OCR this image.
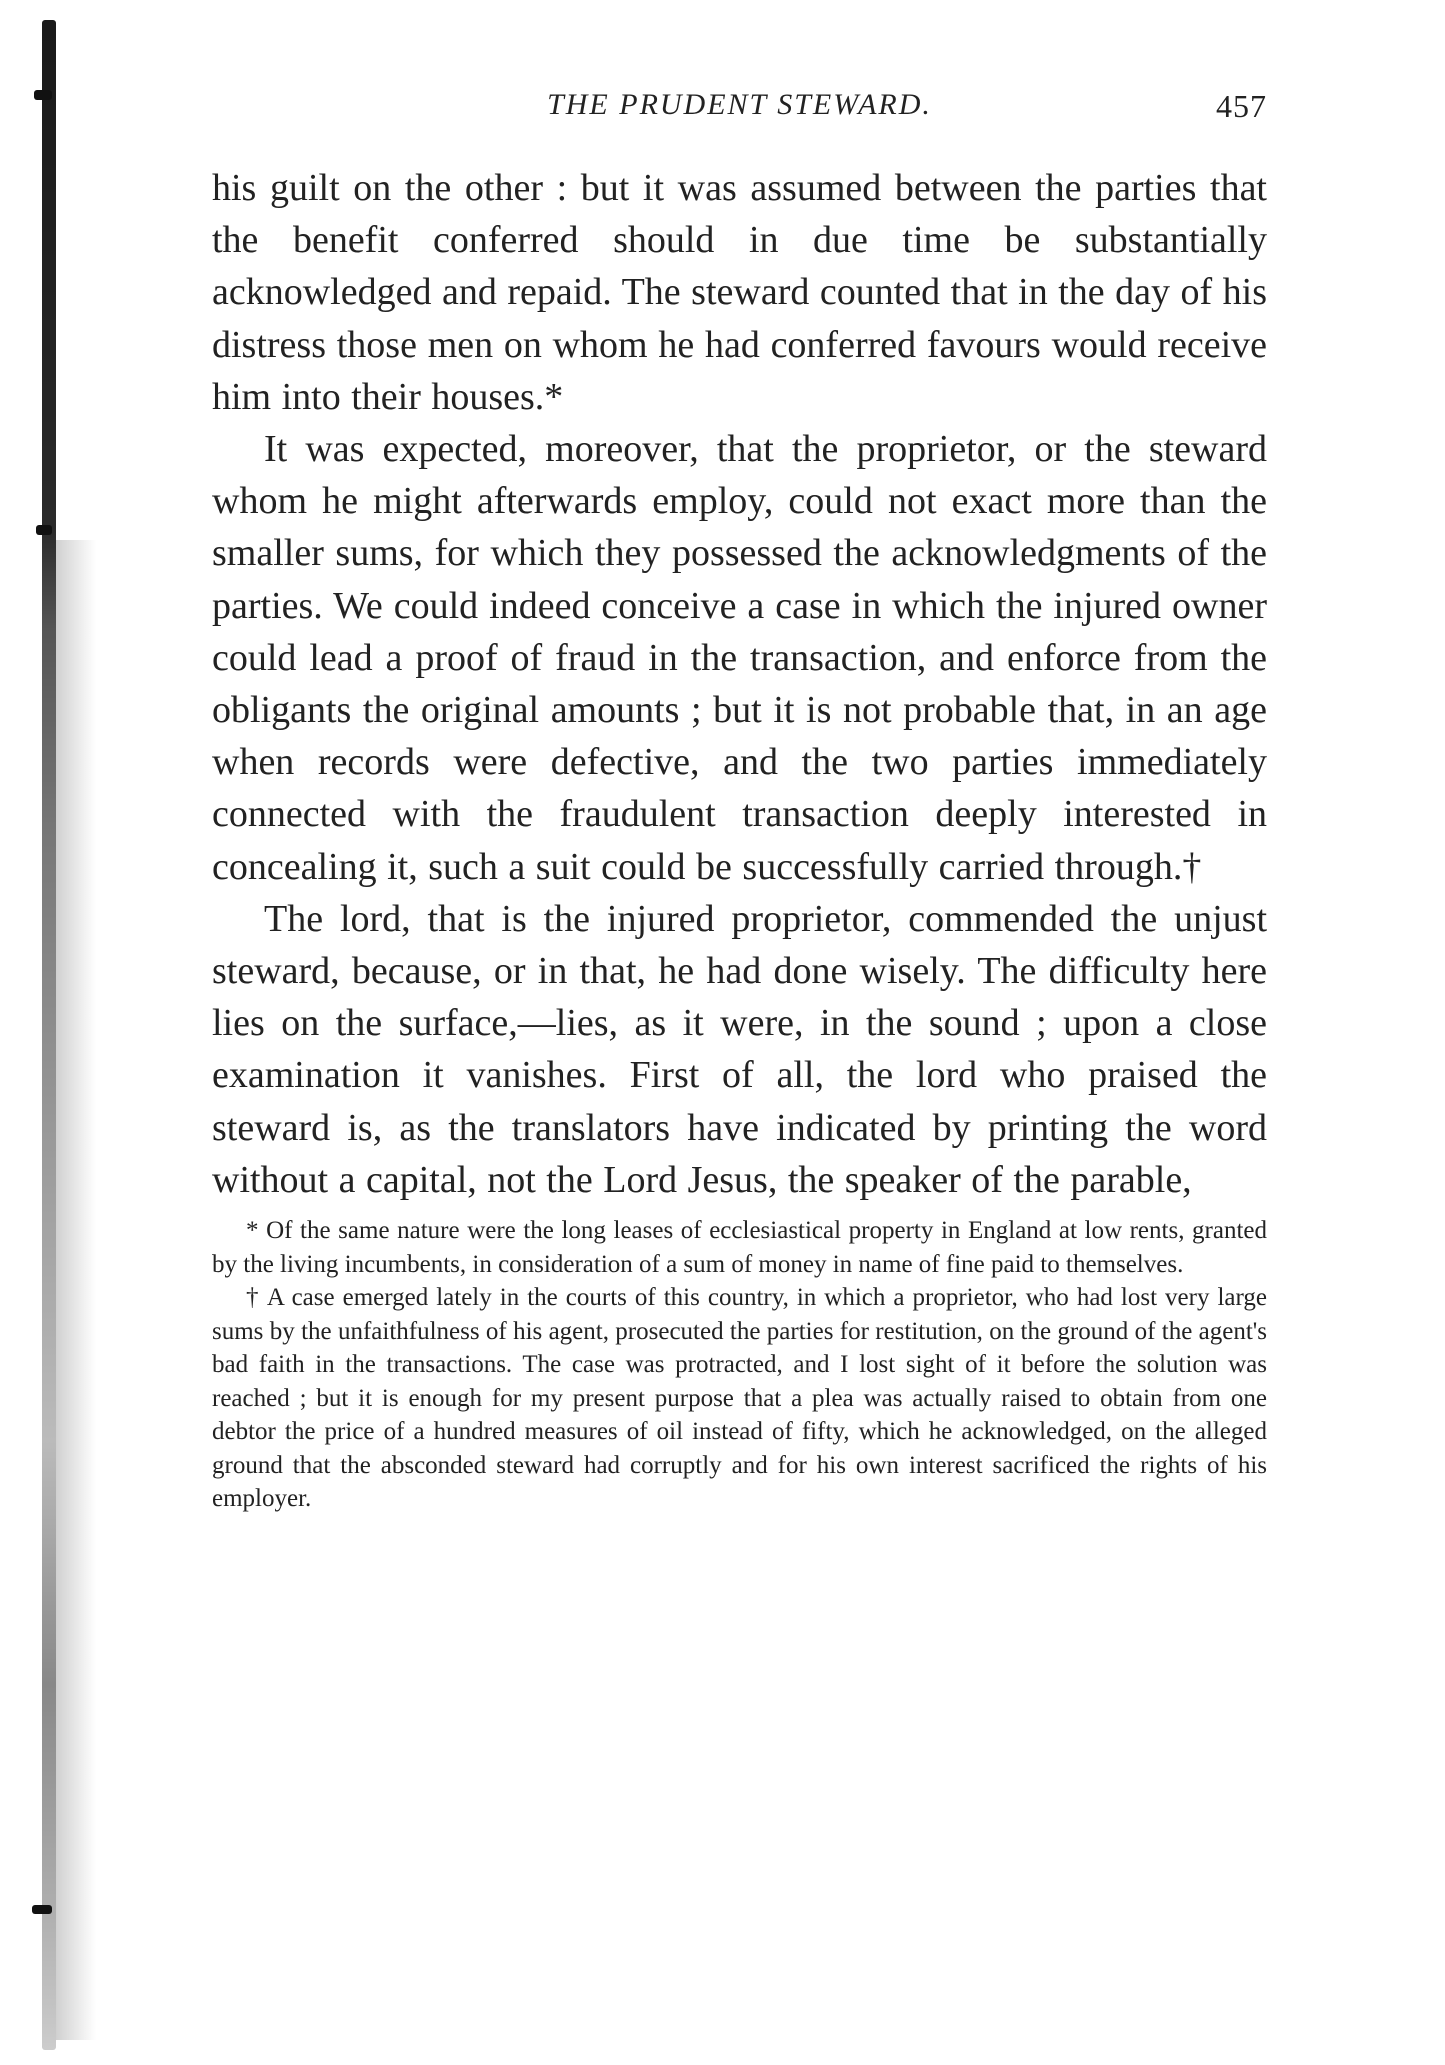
THE PRUDENT STEWARD.	457

his guilt on the other : but it was assumed between the parties that the benefit conferred should in due time be substantially acknowledged and repaid. The steward counted that in the day of his distress those men on whom he had conferred favours would receive him into their houses.*

It was expected, moreover, that the proprietor, or the steward whom he might afterwards employ, could not exact more than the smaller sums, for which they possessed the acknowledgments of the parties. We could indeed conceive a case in which the injured owner could lead a proof of fraud in the transaction, and enforce from the obligants the original amounts ; but it is not probable that, in an age when records were defective, and the two parties immediately connected with the fraudulent transaction deeply interested in concealing it, such a suit could be successfully carried through.†

The lord, that is the injured proprietor, commended the unjust steward, because, or in that, he had done wisely. The difficulty here lies on the surface,—lies, as it were, in the sound ; upon a close examination it vanishes. First of all, the lord who praised the steward is, as the translators have indicated by printing the word without a capital, not the Lord Jesus, the speaker of the parable,

* Of the same nature were the long leases of ecclesiastical property in England at low rents, granted by the living incumbents, in consideration of a sum of money in name of fine paid to themselves.

† A case emerged lately in the courts of this country, in which a proprietor, who had lost very large sums by the unfaithfulness of his agent, prosecuted the parties for restitution, on the ground of the agent's bad faith in the transactions. The case was protracted, and I lost sight of it before the solution was reached ; but it is enough for my present purpose that a plea was actually raised to obtain from one debtor the price of a hundred measures of oil instead of fifty, which he acknowledged, on the alleged ground that the absconded steward had corruptly and for his own interest sacrificed the rights of his employer.
